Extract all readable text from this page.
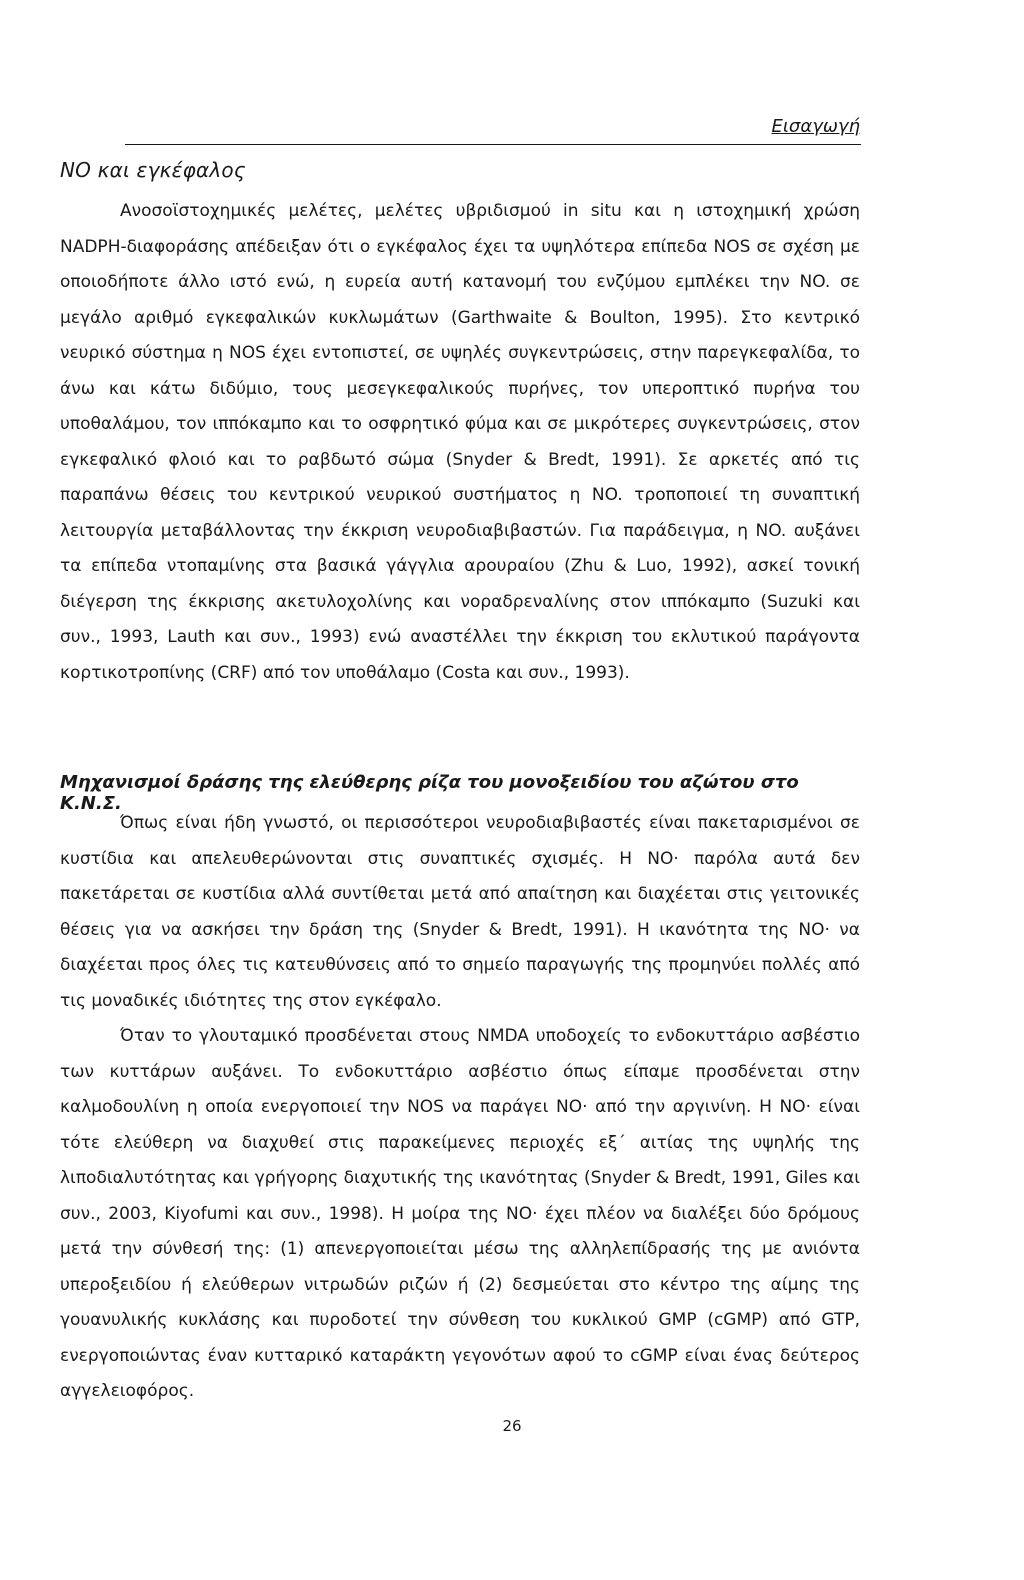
Εισαγωγή
NO και εγκέφαλος

Ανοσοϊστοχημικές μελέτες, μελέτες υβριδισμού in situ και η ιστοχημική χρώση NADPH-διαφοράσης απέδειξαν ότι ο εγκέφαλος έχει τα υψηλότερα επίπεδα NOS σε σχέση με οποιοδήποτε άλλο ιστό ενώ, η ευρεία αυτή κατανομή του ενζύμου εμπλέκει την NO. σε μεγάλο αριθμό εγκεφαλικών κυκλωμάτων (Garthwaite & Boulton, 1995). Στο κεντρικό νευρικό σύστημα η NOS έχει εντοπιστεί, σε υψηλές συγκεντρώσεις, στην παρεγκεφαλίδα, το άνω και κάτω διδύμιο, τους μεσεγκεφαλικούς πυρήνες, τον υπεροπτικό πυρήνα του υποθαλάμου, τον ιππόκαμπο και το οσφρητικό φύμα και σε μικρότερες συγκεντρώσεις, στον εγκεφαλικό φλοιό και το ραβδωτό σώμα (Snyder & Bredt, 1991). Σε αρκετές από τις παραπάνω θέσεις του κεντρικού νευρικού συστήματος η NO. τροποποιεί τη συναπτική λειτουργία μεταβάλλοντας την έκκριση νευροδιαβιβαστών. Για παράδειγμα, η NO. αυξάνει τα επίπεδα ντοπαμίνης στα βασικά γάγγλια αρουραίου (Zhu & Luo, 1992), ασκεί τονική διέγερση της έκκρισης ακετυλοχολίνης και νοραδρεναλίνης στον ιππόκαμπο (Suzuki και συν., 1993, Lauth και συν., 1993) ενώ αναστέλλει την έκκριση του εκλυτικού παράγοντα κορτικοτροπίνης (CRF) από τον υποθάλαμο (Costa και συν., 1993).

Μηχανισμοί δράσης της ελεύθερης ρίζα του μονοξειδίου του αζώτου στο Κ.Ν.Σ.

Όπως είναι ήδη γνωστό, οι περισσότεροι νευροδιαβιβαστές είναι πακεταρισμένοι σε κυστίδια και απελευθερώνονται στις συναπτικές σχισμές. Η NO· παρόλα αυτά δεν πακετάρεται σε κυστίδια αλλά συντίθεται μετά από απαίτηση και διαχέεται στις γειτονικές θέσεις για να ασκήσει την δράση της (Snyder & Bredt, 1991). Η ικανότητα της NO· να διαχέεται προς όλες τις κατευθύνσεις από το σημείο παραγωγής της προμηνύει πολλές από τις μοναδικές ιδιότητες της στον εγκέφαλο.

Όταν το γλουταμικό προσδένεται στους NMDA υποδοχείς το ενδοκυττάριο ασβέστιο των κυττάρων αυξάνει. Το ενδοκυττάριο ασβέστιο όπως είπαμε προσδένεται στην καλμοδουλίνη η οποία ενεργοποιεί την NOS να παράγει NO· από την αργινίνη. Η NO· είναι τότε ελεύθερη να διαχυθεί στις παρακείμενες περιοχές εξ΄ αιτίας της υψηλής της λιποδιαλυτότητας και γρήγορης διαχυτικής της ικανότητας (Snyder & Bredt, 1991, Giles και συν., 2003, Kiyofumi και συν., 1998). Η μοίρα της NO· έχει πλέον να διαλέξει δύο δρόμους μετά την σύνθεσή της: (1) απενεργοποιείται μέσω της αλληλεπίδρασής της με ανιόντα υπεροξειδίου ή ελεύθερων νιτρωδών ριζών ή (2) δεσμεύεται στο κέντρο της αίμης της γουανυλικής κυκλάσης και πυροδοτεί την σύνθεση του κυκλικού GMP (cGMP) από GTP, ενεργοποιώντας έναν κυτταρικό καταράκτη γεγονότων αφού το cGMP είναι ένας δεύτερος αγγελειοφόρος.

26
